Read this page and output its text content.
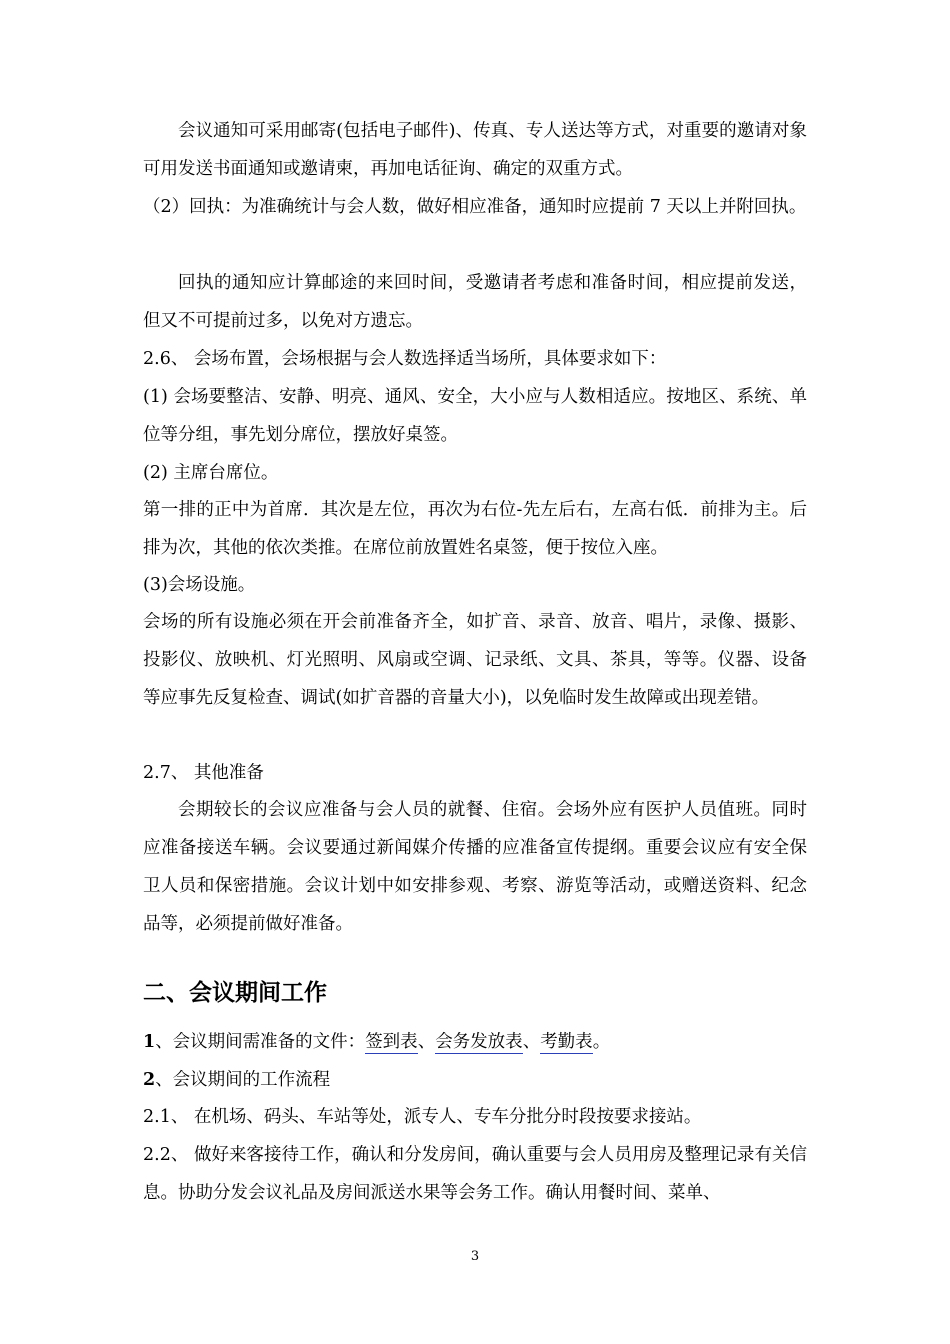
会议通知可采用邮寄(包括电子邮件)、传真、专人送达等方式，对重要的邀请对象可用发送书面通知或邀请柬，再加电话征询、确定的双重方式。

（2）回执：为准确统计与会人数，做好相应准备，通知时应提前 7 天以上并附回执。

回执的通知应计算邮途的来回时间，受邀请者考虑和准备时间，相应提前发送，但又不可提前过多，以免对方遗忘。

2.6、 会场布置，会场根据与会人数选择适当场所，具体要求如下：

(1) 会场要整洁、安静、明亮、通风、安全，大小应与人数相适应。按地区、系统、单位等分组，事先划分席位，摆放好桌签。

(2) 主席台席位。

第一排的正中为首席．其次是左位，再次为右位-先左后右，左高右低．前排为主。后排为次，其他的依次类推。在席位前放置姓名桌签，便于按位入座。

(3)会场设施。

会场的所有设施必须在开会前准备齐全，如扩音、录音、放音、唱片，录像、摄影、投影仪、放映机、灯光照明、风扇或空调、记录纸、文具、茶具，等等。仪器、设备等应事先反复检查、调试(如扩音器的音量大小)，以免临时发生故障或出现差错。

2.7、 其他准备

会期较长的会议应准备与会人员的就餐、住宿。会场外应有医护人员值班。同时应准备接送车辆。会议要通过新闻媒介传播的应准备宣传提纲。重要会议应有安全保卫人员和保密措施。会议计划中如安排参观、考察、游览等活动，或赠送资料、纪念品等，必须提前做好准备。

二、会议期间工作

1、会议期间需准备的文件：签到表、会务发放表、考勤表。

2、会议期间的工作流程

2.1、 在机场、码头、车站等处，派专人、专车分批分时段按要求接站。

2.2、 做好来客接待工作，确认和分发房间，确认重要与会人员用房及整理记录有关信息。协助分发会议礼品及房间派送水果等会务工作。确认用餐时间、菜单、

3
